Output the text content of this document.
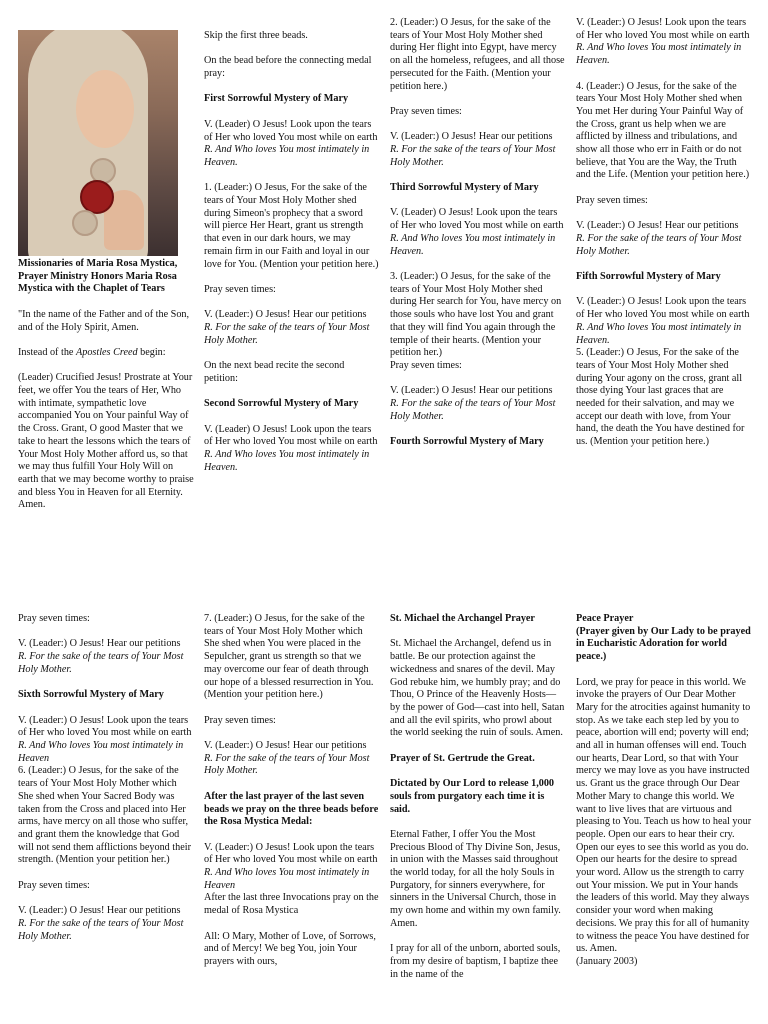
Missionaries of Maria Rosa Mystica, Prayer Ministry Honors Maria Rosa Mystica with the Chaplet of Tears

"In the name of the Father and of the Son, and of the Holy Spirit, Amen.

Instead of the Apostles Creed begin:

(Leader) Crucified Jesus! Prostrate at Your feet, we offer You the tears of Her, Who with intimate, sympathetic love accompanied You on Your painful Way of the Cross. Grant, O good Master that we take to heart the lessons which the tears of Your Most Holy Mother afford us, so that we may thus fulfill Your Holy Will on earth that we may become worthy to praise and bless You in Heaven for all Eternity. Amen.

Skip the first three beads.

On the bead before the connecting medal pray:

First Sorrowful Mystery of Mary

V. (Leader) O Jesus! Look upon the tears of Her who loved You most while on earth
R. And Who loves You most intimately in Heaven.

1. (Leader:) O Jesus, For the sake of the tears of Your Most Holy Mother shed during Simeon's prophecy that a sword will pierce Her Heart, grant us strength that even in our dark hours, we may remain firm in our Faith and loyal in our love for You. (Mention your petition here.)

Pray seven times:

V. (Leader:) O Jesus! Hear our petitions
R. For the sake of the tears of Your Most Holy Mother.

On the next bead recite the second petition:

Second Sorrowful Mystery of Mary

V. (Leader) O Jesus! Look upon the tears of Her who loved You most while on earth
R. And Who loves You most intimately in Heaven.

2. (Leader:) O Jesus, for the sake of the tears of Your Most Holy Mother shed during Her flight into Egypt, have mercy on all the homeless, refugees, and all those persecuted for the Faith. (Mention your petition here.)

Pray seven times:

V. (Leader:) O Jesus! Hear our petitions
R. For the sake of the tears of Your Most Holy Mother.

Third Sorrowful Mystery of Mary

V. (Leader) O Jesus! Look upon the tears of Her who loved You most while on earth
R. And Who loves You most intimately in Heaven.

3. (Leader:) O Jesus, for the sake of the tears of Your Most Holy Mother shed during Her search for You, have mercy on those souls who have lost You and grant that they will find You again through the temple of their hearts. (Mention your petition her.)

Pray seven times:

V. (Leader:) O Jesus! Hear our petitions
R. For the sake of the tears of Your Most Holy Mother.

Fourth Sorrowful Mystery of Mary

V. (Leader:) O Jesus! Look upon the tears of Her who loved You most while on earth
R. And Who loves You most intimately in Heaven.

4. (Leader:) O Jesus, for the sake of the tears Your Most Holy Mother shed when You met Her during Your Painful Way of the Cross, grant us help when we are afflicted by illness and tribulations, and show all those who err in Faith or do not believe, that You are the Way, the Truth and the Life. (Mention your petition here.)

Pray seven times:

V. (Leader:) O Jesus! Hear our petitions
R. For the sake of the tears of Your Most Holy Mother.

Fifth Sorrowful Mystery of Mary

V. (Leader:) O Jesus! Look upon the tears of Her who loved You most while on earth
R. And Who loves You most intimately in Heaven.

5. (Leader:) O Jesus, For the sake of the tears of Your Most Holy Mother shed during Your agony on the cross, grant all those dying Your last graces that are needed for their salvation, and may we accept our death with love, from Your hand, the death the You have destined for us. (Mention your petition here.)

Pray seven times:

V. (Leader:) O Jesus! Hear our petitions
R. For the sake of the tears of Your Most Holy Mother.

Sixth Sorrowful Mystery of Mary

V. (Leader:) O Jesus! Look upon the tears of Her who loved You most while on earth
R. And Who loves You most intimately in Heaven

6. (Leader:) O Jesus, for the sake of the tears of Your Most Holy Mother which She shed when Your Sacred Body was taken from the Cross and placed into Her arms, have mercy on all those who suffer, and grant them the knowledge that God will not send them afflictions beyond their strength. (Mention your petition her.)

Pray seven times:

V. (Leader:) O Jesus! Hear our petitions
R. For the sake of the tears of Your Most Holy Mother.

7. (Leader:) O Jesus, for the sake of the tears of Your Most Holy Mother which She shed when You were placed in the Sepulcher, grant us strength so that we may overcome our fear of death through our hope of a blessed resurrection in You. (Mention your petition here.)

Pray seven times:

V. (Leader:) O Jesus! Hear our petitions
R. For the sake of the tears of Your Most Holy Mother.

After the last prayer of the last seven beads we pray on the three beads before the Rosa Mystica Medal:

V. (Leader:) O Jesus! Look upon the tears of Her who loved You most while on earth
R. And Who loves You most intimately in Heaven

After the last three Invocations pray on the medal of Rosa Mystica

All: O Mary, Mother of Love, of Sorrows, and of Mercy! We beg You, join Your prayers with ours,

St. Michael the Archangel Prayer

St. Michael the Archangel, defend us in battle. Be our protection against the wickedness and snares of the devil. May God rebuke him, we humbly pray; and do Thou, O Prince of the Heavenly Hosts—by the power of God—cast into hell, Satan and all the evil spirits, who prowl about the world seeking the ruin of souls. Amen.

Prayer of St. Gertrude the Great.

Dictated by Our Lord to release 1,000 souls from purgatory each time it is said.

Eternal Father, I offer You the Most Precious Blood of Thy Divine Son, Jesus, in union with the Masses said throughout the world today, for all the holy Souls in Purgatory, for sinners everywhere, for sinners in the Universal Church, those in my own home and within my own family. Amen.

I pray for all of the unborn, aborted souls, from my desire of baptism, I baptize thee in the name of the

Peace Prayer
(Prayer given by Our Lady to be prayed in Eucharistic Adoration for world peace.)

Lord, we pray for peace in this world. We invoke the prayers of Our Dear Mother Mary for the atrocities against humanity to stop. As we take each step led by you to peace, abortion will end; poverty will end; and all in human offenses will end. Touch our hearts, Dear Lord, so that with Your mercy we may love as you have instructed us. Grant us the grace through Our Dear Mother Mary to change this world. We want to live lives that are virtuous and pleasing to You. Teach us how to heal your people. Open our ears to hear their cry. Open our eyes to see this world as you do. Open our hearts for the desire to spread your word. Allow us the strength to carry out Your mission. We put in Your hands the leaders of this world. May they always consider your word when making decisions. We pray this for all of humanity to witness the peace You have destined for us. Amen.

(January 2003)
